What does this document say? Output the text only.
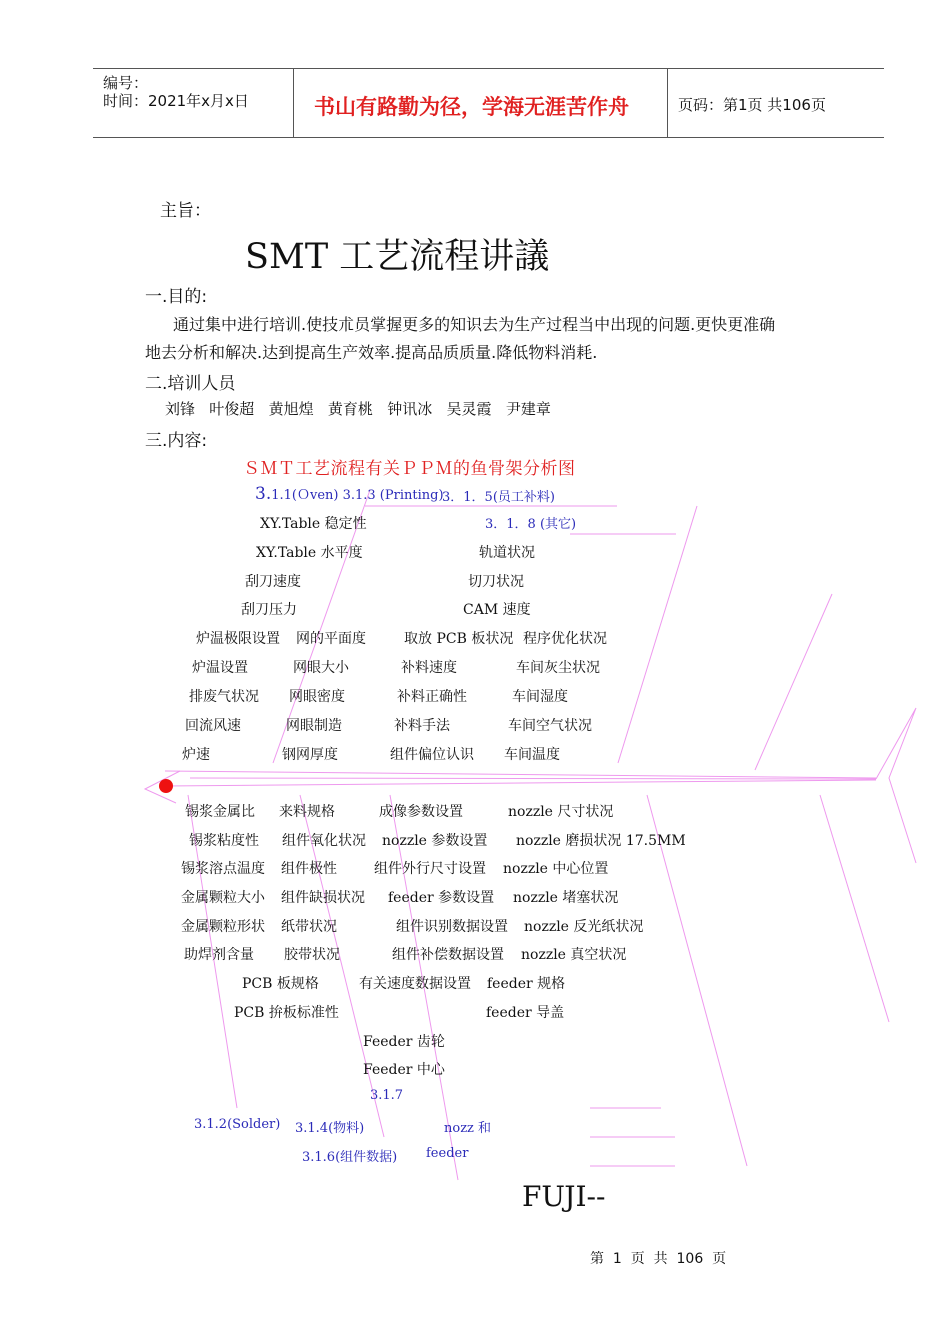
编号：
时间：2021年x月x日	书山有路勤为径，学海无涯苦作舟	页码：第1页 共106页
主旨：
SMT 工艺流程讲議
一.目的:
通过集中进行培训.使技朮员掌握更多的知识去为生产过程当中出现的问题.更快更准确
地去分析和解决.达到提高生产效率.提高品质质量.降低物料消耗.
二.培训人员
刘锋   叶俊超   黄旭煌   黄育桃   钟讯冰   吴灵霞   尹建章
三.内容:
ＳＭＴ工艺流程有关ＰＰＭ的鱼骨架分析图
3.1.1(Ｏven) 3.1.3 (Printing)
3．1．5(员工补料)
3．1．8 (其它)
XY.Table 稳定性
XY.Table 水平度	轨道状况
刮刀速度	切刀状况
刮刀压力	CAM 速度
炉温极限设置 网的平面度	取放 PCB 板状况 程序优化状况
炉温设置	网眼大小	补料速度	车间灰尘状况
排废气状况 网眼密度	补料正确性	车间湿度
回流风速	网眼制造	补料手法	车间空气状况
炉速	钢网厚度	组件偏位认识 车间温度
锡浆金属比 来料规格	成像参数设置	nozzle 尺寸状况
锡浆粘度性 组件氧化状况 nozzle 参数设置 nozzle 磨损状况 17.5MM
锡浆溶点温度 组件极性	组件外行尺寸设置 nozzle 中心位置
金属颗粒大小 组件缺损状况 feeder 参数设置 nozzle 堵塞状况
金属颗粒形状 纸带状况	组件识别数据设置 nozzle 反光纸状况
助焊剂含量 胶带状况	组件补偿数据设置 nozzle 真空状况
PCB 板规格	有关速度数据设置 feeder 规格
PCB 拚板标准性	feeder 导盖
Feeder 齿轮
Feeder 中心
3.1.7
3.1.2(Solder) 3.1.4(物料)	nozz 和
3.1.6(组件数据) feeder
FUJI--
第  1  页  共  106  页
